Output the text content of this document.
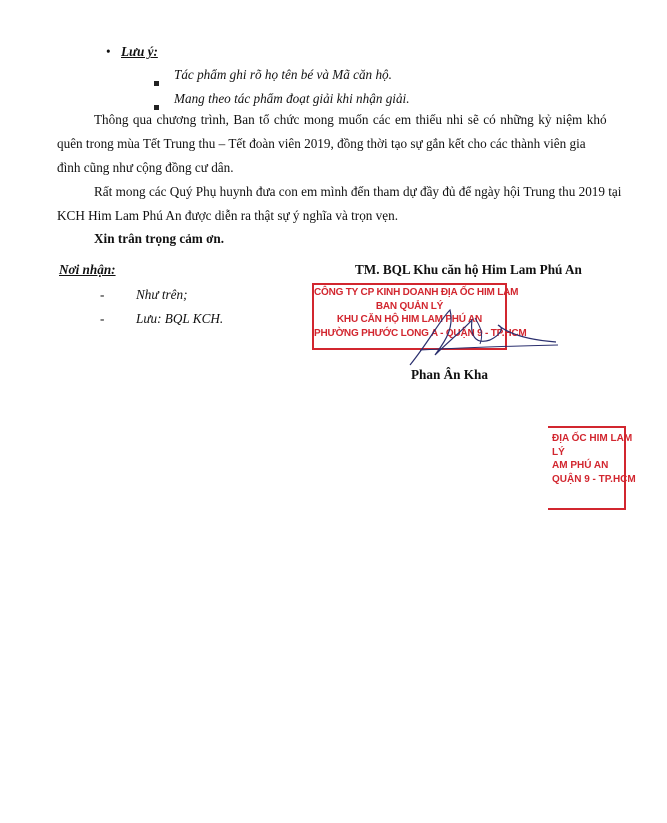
• Lưu ý:
Tác phẩm ghi rõ họ tên bé và Mã căn hộ.
Mang theo tác phẩm đoạt giải khi nhận giải.
Thông qua chương trình, Ban tổ chức mong muốn các em thiếu nhi sẽ có những kỷ niệm khó
quên trong mùa Tết Trung thu – Tết đoàn viên 2019, đồng thời tạo sự gắn kết cho các thành viên gia
đình cũng như cộng đồng cư dân.
Rất mong các Quý Phụ huynh đưa con em mình đến tham dự đầy đủ để ngày hội Trung thu 2019 tại
KCH Him Lam Phú An được diễn ra thật sự ý nghĩa và trọn vẹn.
Xin trân trọng cảm ơn.
Nơi nhận:
- Như trên;
- Lưu: BQL KCH.
TM. BQL Khu căn hộ Him Lam Phú An
CÔNG TY CP KINH DOANH ĐỊA ỐC HIM LAM
BAN QUẢN LÝ
KHU CĂN HỘ HIM LAM PHÚ AN
PHƯỜNG PHƯỚC LONG A - QUẬN 9 - TP.HCM
Phan Ân Kha
ĐỊA ỐC HIM LAM
LÝ
AM PHÚ AN
QUẬN 9 - TP.HCM
